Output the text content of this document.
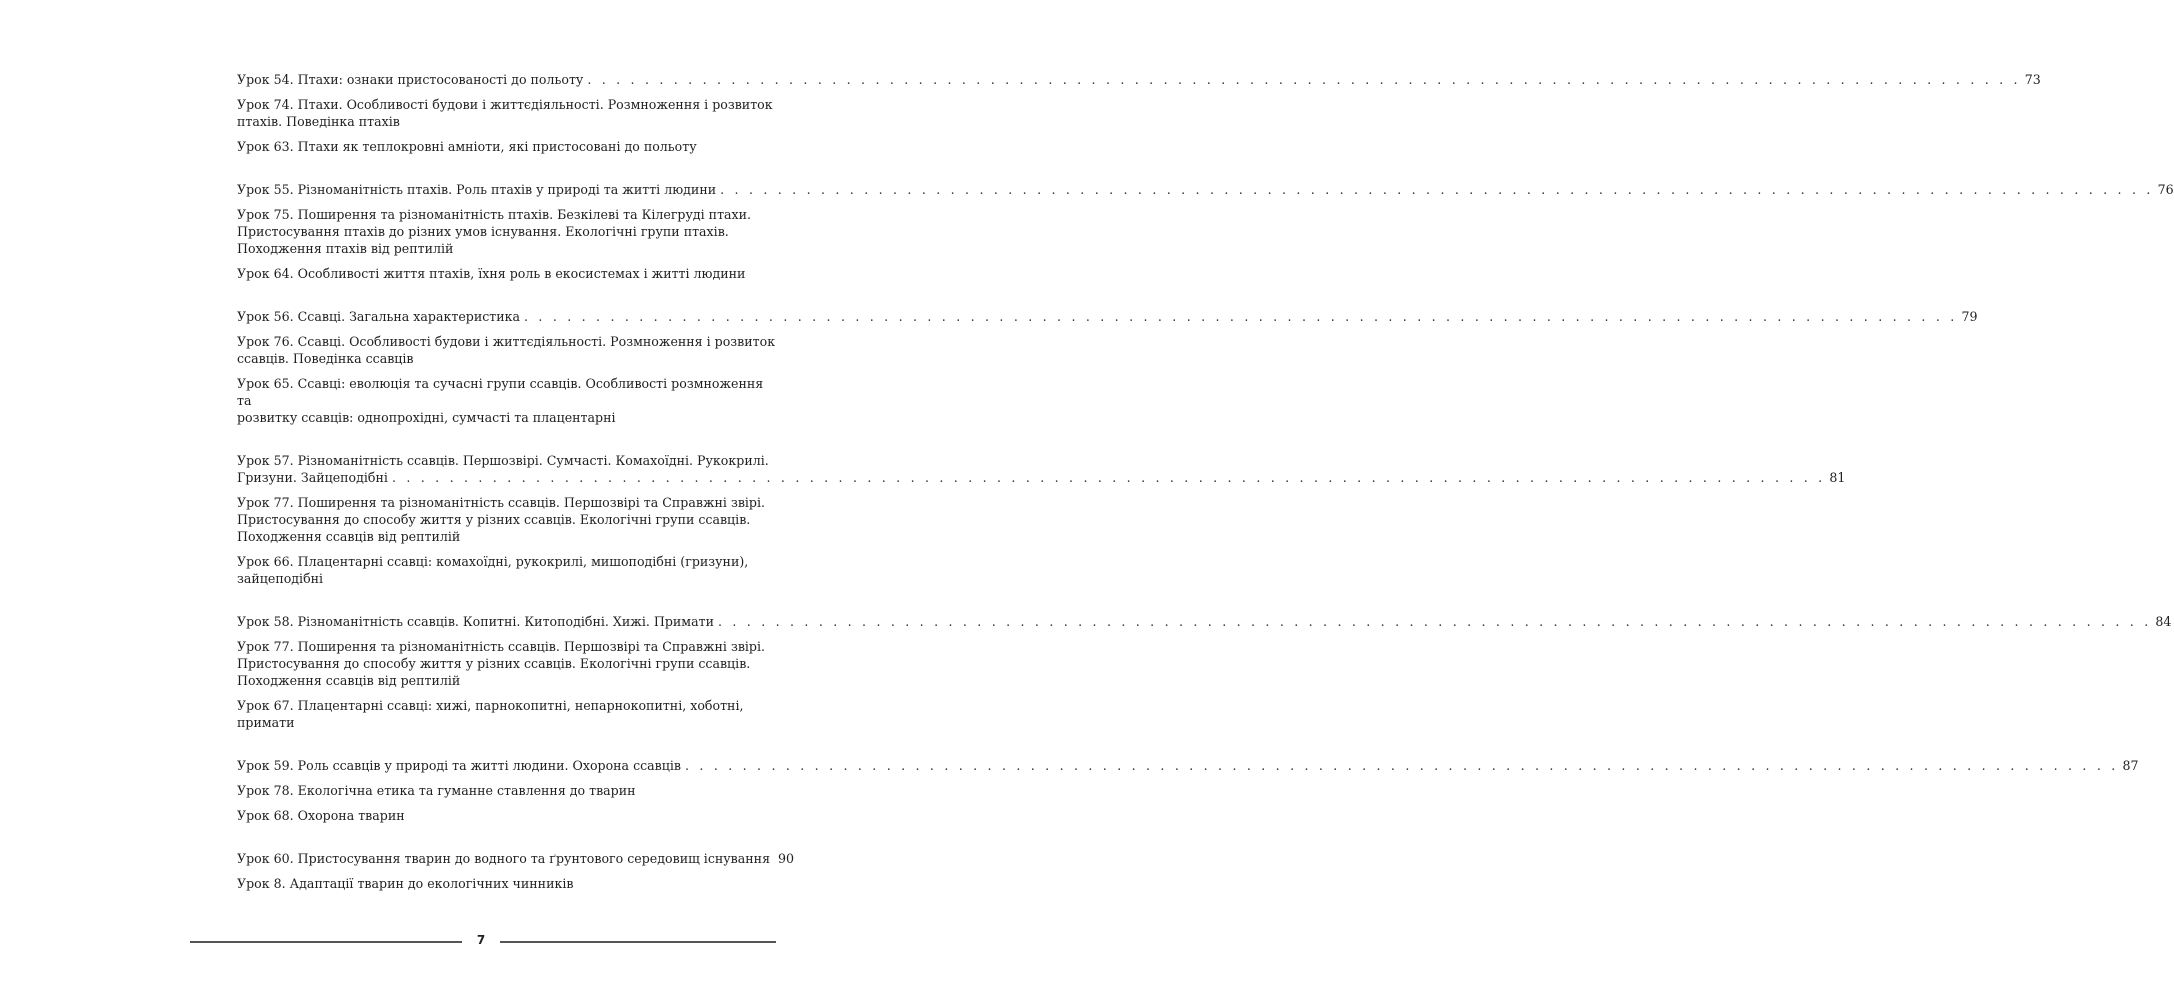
Урок 54. Птахи: ознаки пристосованості до польоту . . .	73
Урок 74. Птахи. Особливості будови і життєдіяльності. Розмноження і розвиток
птахів. Поведінка птахів
Урок 63. Птахи як теплокровні амніоти, які пристосовані до польоту
Урок 55. Різноманітність птахів. Роль птахів у природі та житті людини . . .	76
Урок 75. Поширення та різноманітність птахів. Безкілеві та Кілегруді птахи.
Пристосування птахів до різних умов існування. Екологічні групи птахів.
Походження птахів від рептилій
Урок 64. Особливості життя птахів, їхня роль в екосистемах і житті людини
Урок 56. Ссавці. Загальна характеристика . . .	79
Урок 76. Ссавці. Особливості будови і життєдіяльності. Розмноження і розвиток
ссавців. Поведінка ссавців
Урок 65. Ссавці: еволюція та сучасні групи ссавців. Особливості розмноження та
розвитку ссавців: однопрохідні, сумчасті та плацентарні
Урок 57. Різноманітність ссавців. Першозвірі. Сумчасті. Комахоїдні. Рукокрилі.
Гризуни. Зайцеподібні . . .	81
Урок 77. Поширення та різноманітність ссавців. Першозвірі та Справжні звірі.
Пристосування до способу життя у різних ссавців. Екологічні групи ссавців.
Походження ссавців від рептилій
Урок 66. Плацентарні ссавці: комахоїдні, рукокрилі, мишоподібні (гризуни),
зайцеподібні
Урок 58. Різноманітність ссавців. Копитні. Китоподібні. Хижі. Примати . . .	84
Урок 77. Поширення та різноманітність ссавців. Першозвірі та Справжні звірі.
Пристосування до способу життя у різних ссавців. Екологічні групи ссавців.
Походження ссавців від рептилій
Урок 67. Плацентарні ссавці: хижі, парнокопитні, непарнокопитні, хоботні,
примати
Урок 59. Роль ссавців у природі та житті людини. Охорона ссавців . . .	87
Урок 78. Екологічна етика та гуманне ставлення до тварин
Урок 68. Охорона тварин
Урок 60. Пристосування тварин до водного та ґрунтового середовищ існування 90
Урок 8. Адаптації тварин до екологічних чинників
7
